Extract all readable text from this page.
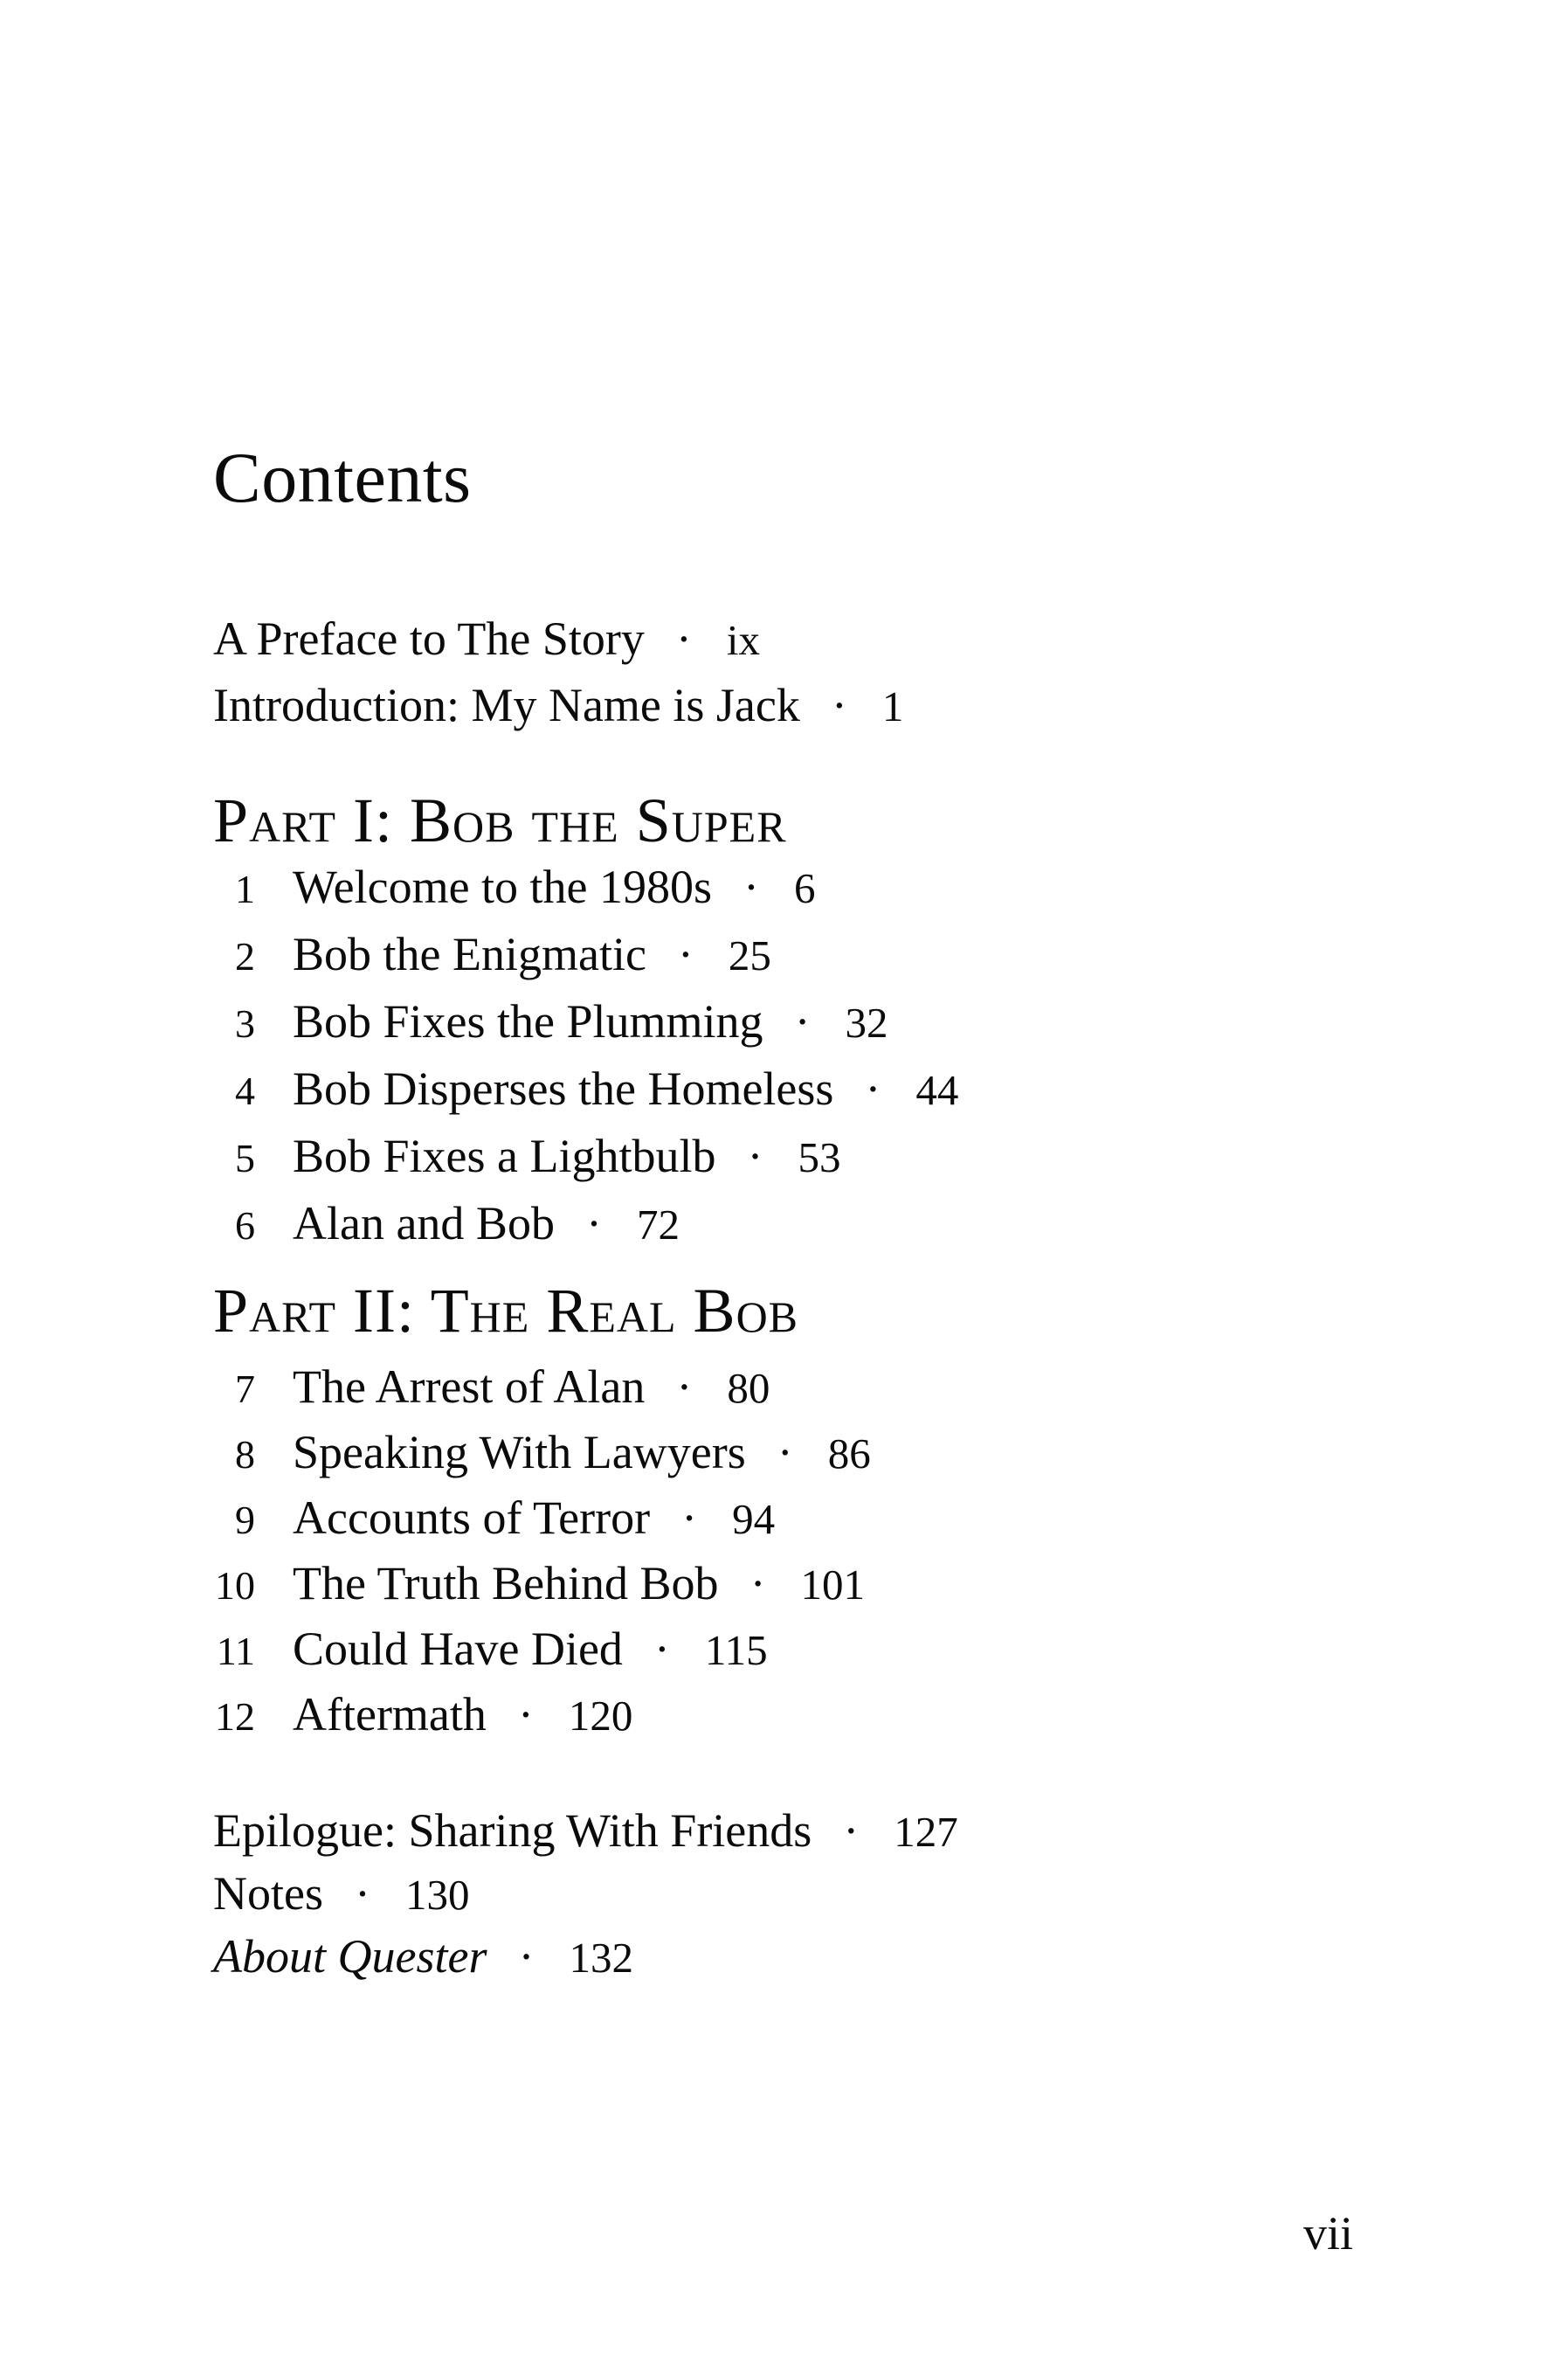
Contents
A Preface to The Story · ix
Introduction: My Name is Jack · 1
Part I: Bob the Super
1 Welcome to the 1980s · 6
2 Bob the Enigmatic · 25
3 Bob Fixes the Plumming · 32
4 Bob Disperses the Homeless · 44
5 Bob Fixes a Lightbulb · 53
6 Alan and Bob · 72
Part II: The Real Bob
7 The Arrest of Alan · 80
8 Speaking With Lawyers · 86
9 Accounts of Terror · 94
10 The Truth Behind Bob · 101
11 Could Have Died · 115
12 Aftermath · 120
Epilogue: Sharing With Friends · 127
Notes · 130
About Quester · 132
vii
